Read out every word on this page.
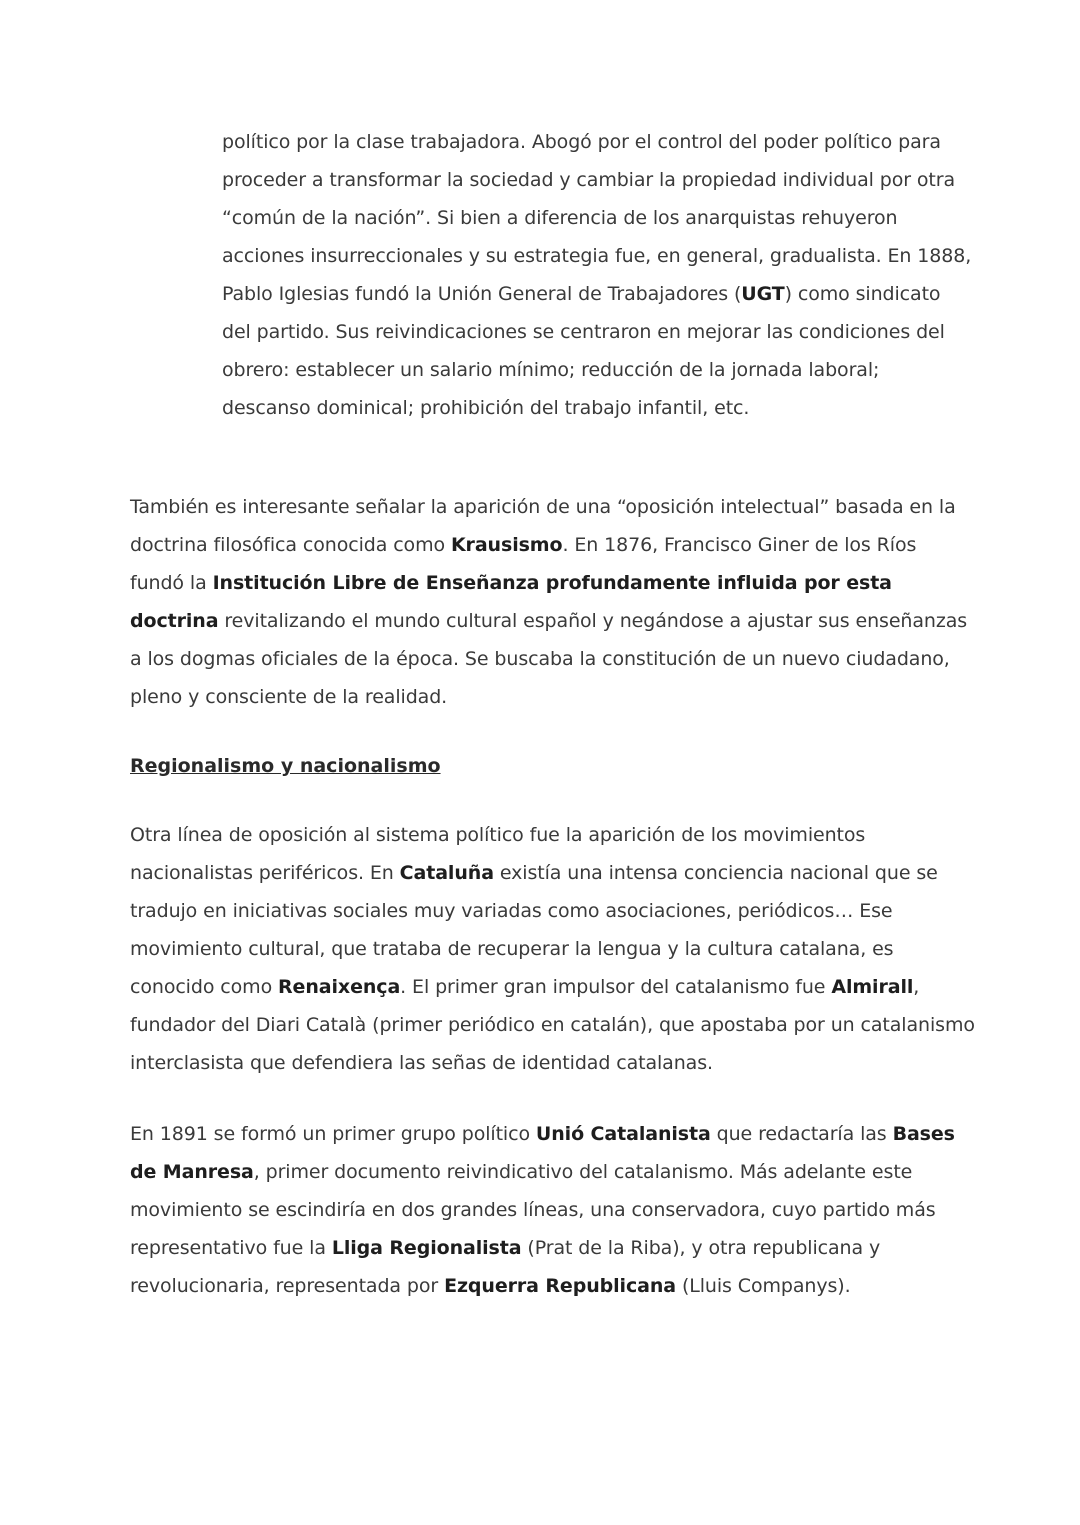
político por la clase trabajadora. Abogó por el control del poder político para
proceder a transformar la sociedad y cambiar la propiedad individual por otra
“común de la nación”. Si bien a diferencia de los anarquistas rehuyeron
acciones insurreccionales y su estrategia fue, en general, gradualista. En 1888,
Pablo Iglesias fundó la Unión General de Trabajadores (UGT) como sindicato
del partido. Sus reivindicaciones se centraron en mejorar las condiciones del
obrero: establecer un salario mínimo; reducción de la jornada laboral;
descanso dominical; prohibición del trabajo infantil, etc.
También es interesante señalar la aparición de una “oposición intelectual” basada en la
doctrina filosófica conocida como Krausismo. En 1876, Francisco Giner de los Ríos
fundó la Institución Libre de Enseñanza profundamente influida por esta
doctrina revitalizando el mundo cultural español y negándose a ajustar sus enseñanzas
a los dogmas oficiales de la época. Se buscaba la constitución de un nuevo ciudadano,
pleno y consciente de la realidad.
Regionalismo y nacionalismo
Otra línea de oposición al sistema político fue la aparición de los movimientos
nacionalistas periféricos. En Cataluña existía una intensa conciencia nacional que se
tradujo en iniciativas sociales muy variadas como asociaciones, periódicos… Ese
movimiento cultural, que trataba de recuperar la lengua y la cultura catalana, es
conocido como Renaixença. El primer gran impulsor del catalanismo fue Almirall,
fundador del Diari Català (primer periódico en catalán), que apostaba por un catalanismo
interclasista que defendiera las señas de identidad catalanas.
En 1891 se formó un primer grupo político Unió Catalanista que redactaría las Bases
de Manresa, primer documento reivindicativo del catalanismo. Más adelante este
movimiento se escindiría en dos grandes líneas, una conservadora, cuyo partido más
representativo fue la Lliga Regionalista (Prat de la Riba), y otra republicana y
revolucionaria, representada por Ezquerra Republicana (Lluis Companys).
